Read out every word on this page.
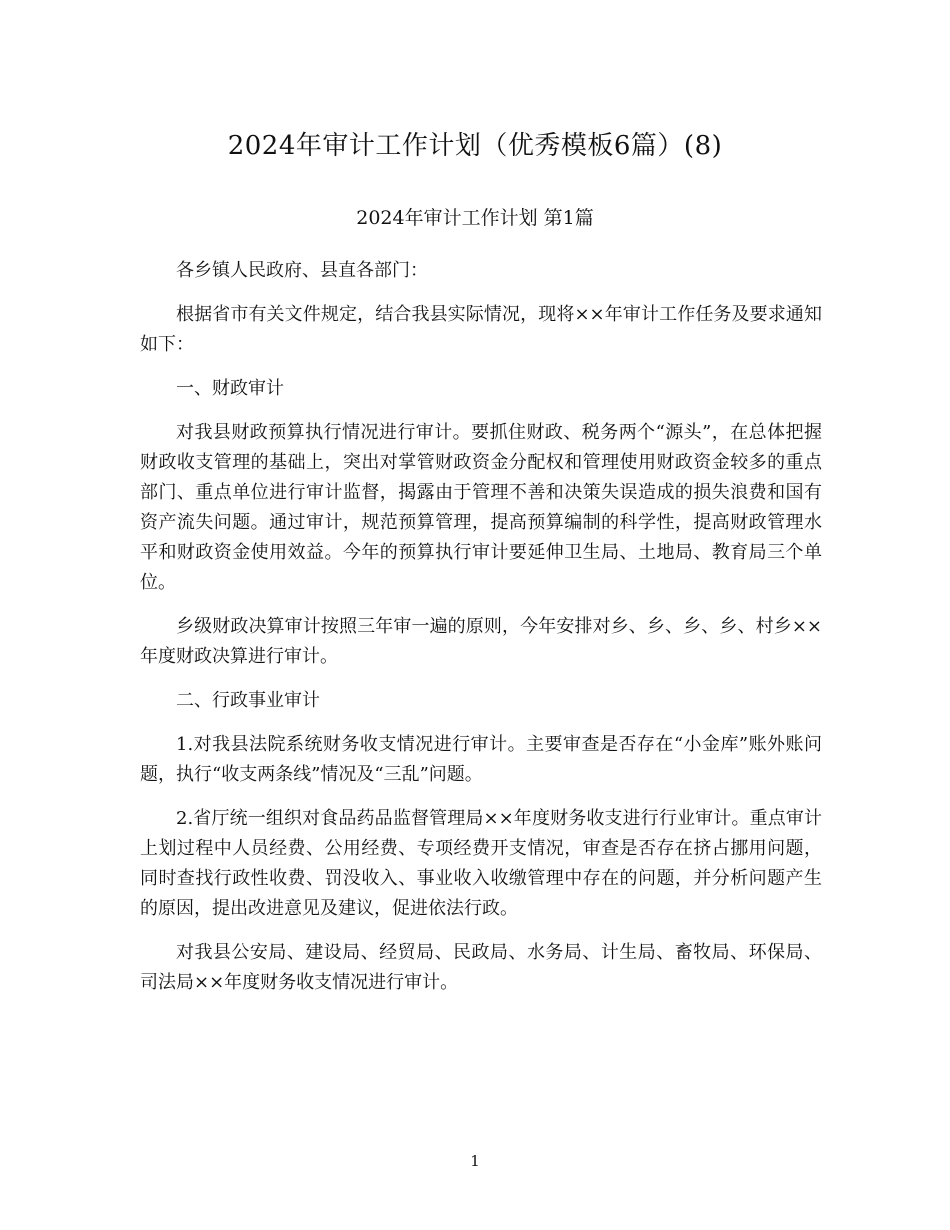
2024年审计工作计划（优秀模板6篇）(8)
2024年审计工作计划 第1篇

各乡镇人民政府、县直各部门：

根据省市有关文件规定，结合我县实际情况，现将××年审计工作任务及要求通知如下：

一、财政审计

对我县财政预算执行情况进行审计。要抓住财政、税务两个“源头”，在总体把握财政收支管理的基础上，突出对掌管财政资金分配权和管理使用财政资金较多的重点部门、重点单位进行审计监督，揭露由于管理不善和决策失误造成的损失浪费和国有资产流失问题。通过审计，规范预算管理，提高预算编制的科学性，提高财政管理水平和财政资金使用效益。今年的预算执行审计要延伸卫生局、土地局、教育局三个单位。

乡级财政决算审计按照三年审一遍的原则，今年安排对乡、乡、乡、乡、村乡××年度财政决算进行审计。

二、行政事业审计

1.对我县法院系统财务收支情况进行审计。主要审查是否存在“小金库”账外账问题，执行“收支两条线”情况及“三乱”问题。

2.省厅统一组织对食品药品监督管理局××年度财务收支进行行业审计。重点审计上划过程中人员经费、公用经费、专项经费开支情况，审查是否存在挤占挪用问题，同时查找行政性收费、罚没收入、事业收入收缴管理中存在的问题，并分析问题产生的原因，提出改进意见及建议，促进依法行政。

对我县公安局、建设局、经贸局、民政局、水务局、计生局、畜牧局、环保局、司法局××年度财务收支情况进行审计。

1
